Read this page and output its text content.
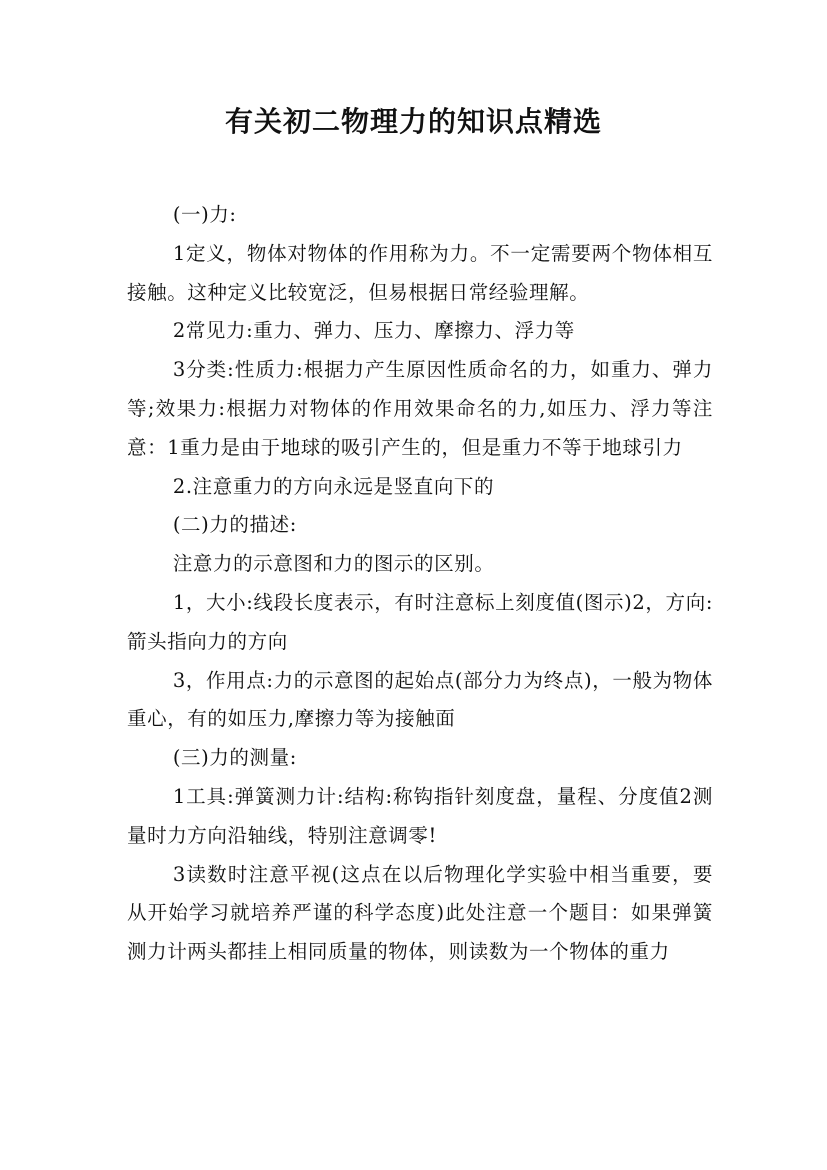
有关初二物理力的知识点精选

(一)力:

1定义，物体对物体的作用称为力。不一定需要两个物体相互接触。这种定义比较宽泛，但易根据日常经验理解。

2常见力:重力、弹力、压力、摩擦力、浮力等

3分类:性质力:根据力产生原因性质命名的力，如重力、弹力等;效果力:根据力对物体的作用效果命名的力,如压力、浮力等注意：1重力是由于地球的吸引产生的，但是重力不等于地球引力

2.注意重力的方向永远是竖直向下的

(二)力的描述:

注意力的示意图和力的图示的区别。

1，大小:线段长度表示，有时注意标上刻度值(图示)2，方向:箭头指向力的方向

3，作用点:力的示意图的起始点(部分力为终点)，一般为物体重心，有的如压力,摩擦力等为接触面

(三)力的测量:

1工具:弹簧测力计:结构:称钩指针刻度盘，量程、分度值2测量时力方向沿轴线，特别注意调零!

3读数时注意平视(这点在以后物理化学实验中相当重要，要从开始学习就培养严谨的科学态度)此处注意一个题目：如果弹簧测力计两头都挂上相同质量的物体，则读数为一个物体的重力
